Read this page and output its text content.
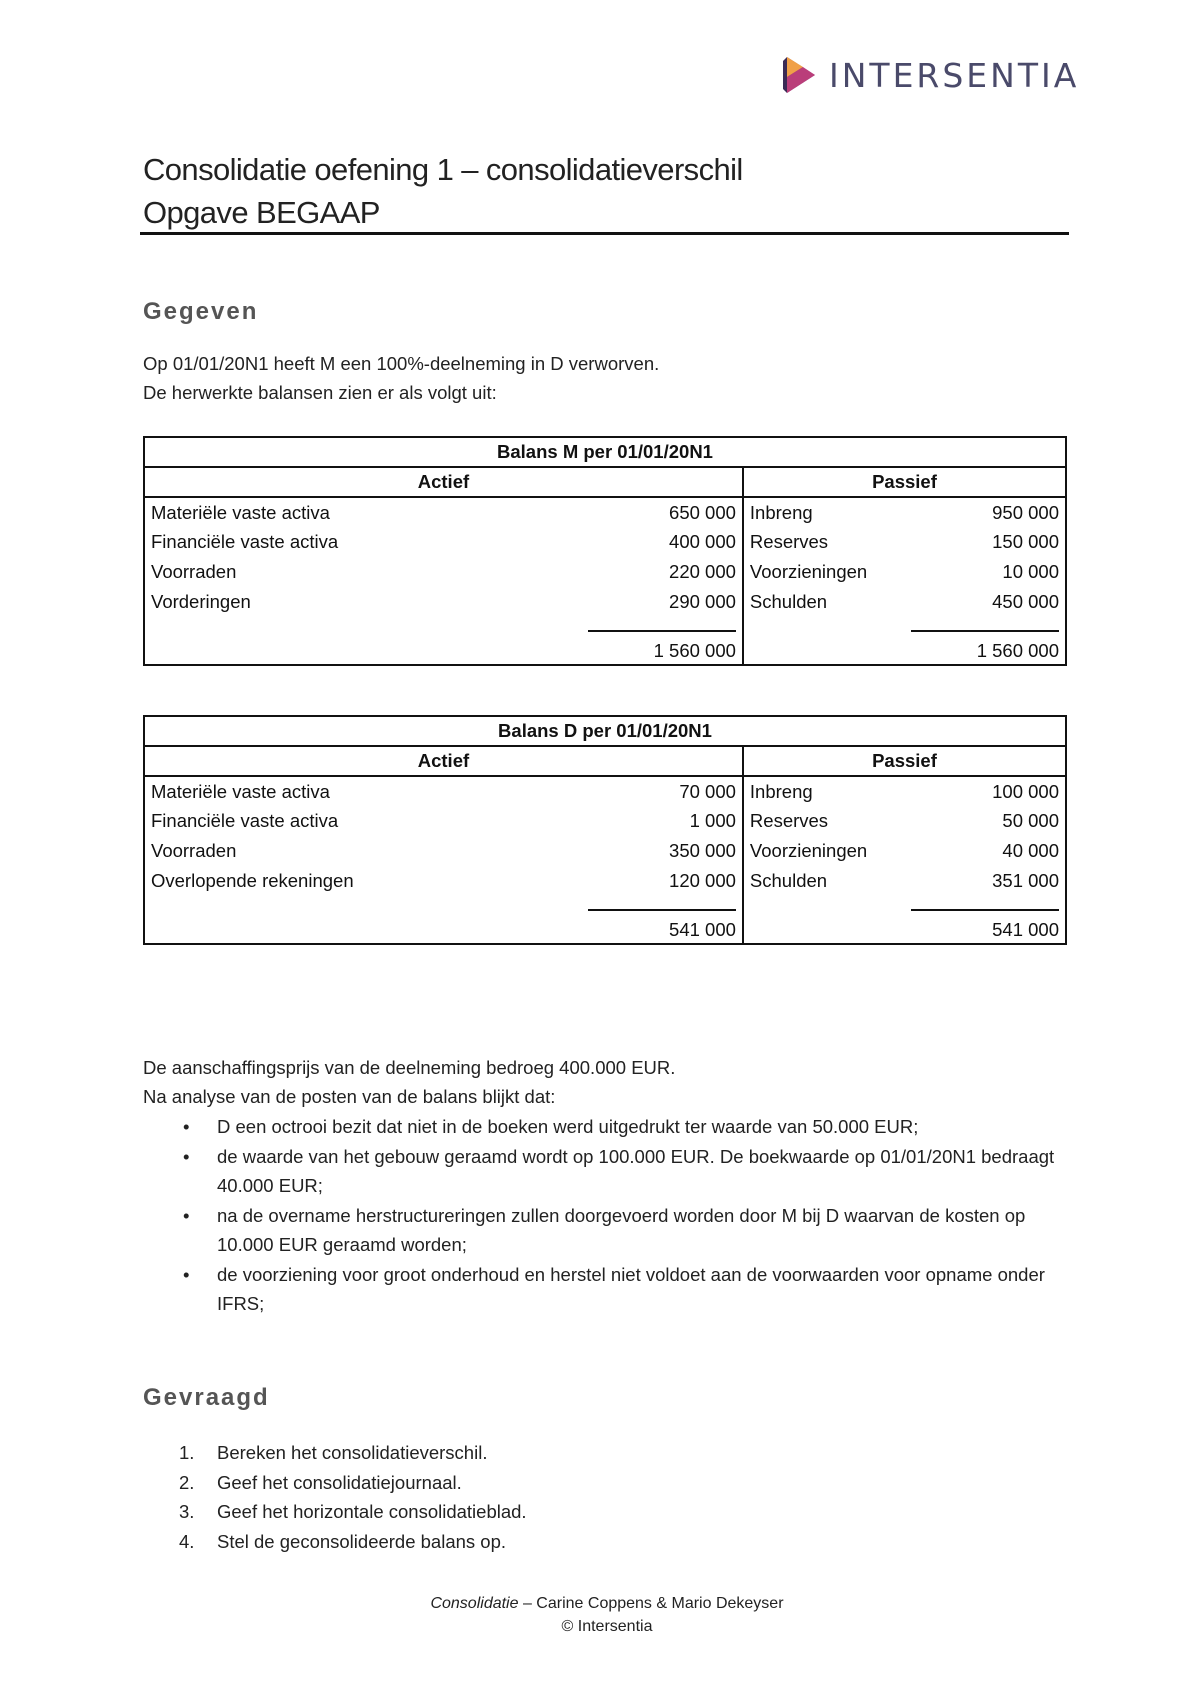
INTERSENTIA
Consolidatie oefening 1 – consolidatieverschil
Opgave BEGAAP
Gegeven
Op 01/01/20N1 heeft M een 100%-deelneming in D verworven.
De herwerkte balansen zien er als volgt uit:
Balans M per 01/01/20N1			
Actief		Passief	
Materiële vaste activa	650 000	Inbreng	950 000
Financiële vaste activa	400 000	Reserves	150 000
Voorraden	220 000	Voorzieningen	10 000
Vorderingen	290 000	Schulden	450 000
	1 560 000		1 560 000
Balans D per 01/01/20N1			
Actief		Passief	
Materiële vaste activa	70 000	Inbreng	100 000
Financiële vaste activa	1 000	Reserves	50 000
Voorraden	350 000	Voorzieningen	40 000
Overlopende rekeningen	120 000	Schulden	351 000
	541 000		541 000
De aanschaffingsprijs van de deelneming bedroeg 400.000 EUR.
Na analyse van de posten van de balans blijkt dat:
• D een octrooi bezit dat niet in de boeken werd uitgedrukt ter waarde van 50.000 EUR;
• de waarde van het gebouw geraamd wordt op 100.000 EUR. De boekwaarde op 01/01/20N1 bedraagt 40.000 EUR;
• na de overname herstructureringen zullen doorgevoerd worden door M bij D waarvan de kosten op 10.000 EUR geraamd worden;
• de voorziening voor groot onderhoud en herstel niet voldoet aan de voorwaarden voor opname onder IFRS;
Gevraagd
1. Bereken het consolidatieverschil.
2. Geef het consolidatiejournaal.
3. Geef het horizontale consolidatieblad.
4. Stel de geconsolideerde balans op.
Consolidatie – Carine Coppens & Mario Dekeyser
© Intersentia
